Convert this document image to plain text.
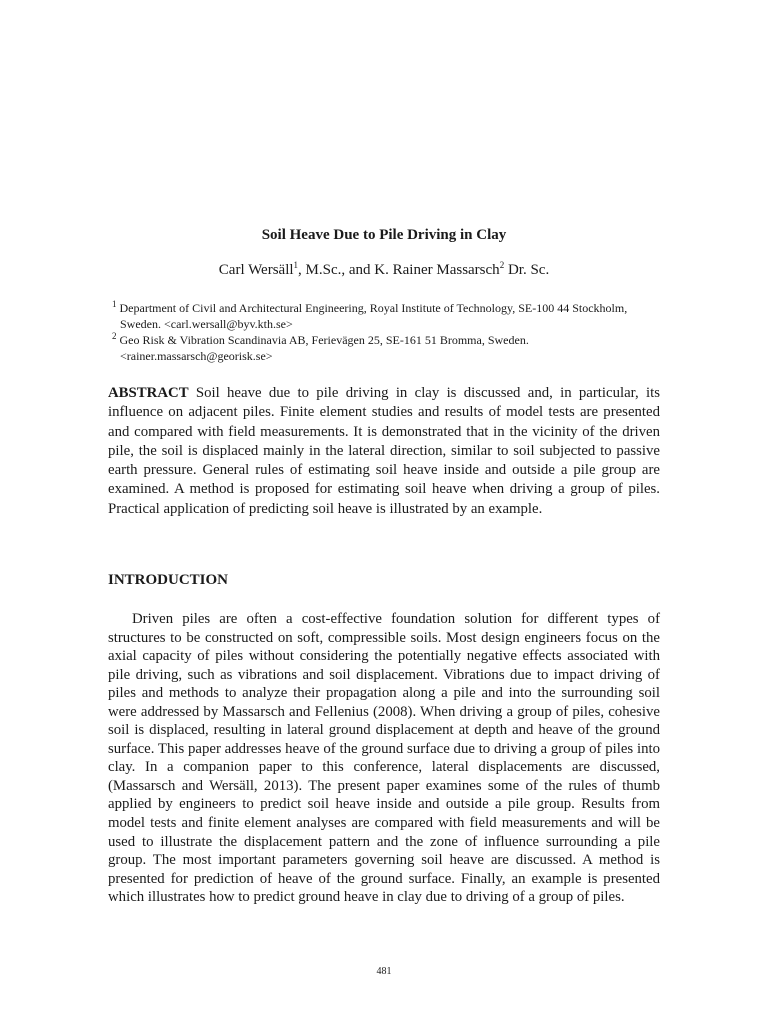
Soil Heave Due to Pile Driving in Clay
Carl Wersäll$^1$, M.Sc., and K. Rainer Massarsch$^2$ Dr. Sc.
$^1$ Department of Civil and Architectural Engineering, Royal Institute of Technology, SE-100 44 Stockholm, Sweden. <carl.wersall@byv.kth.se>
$^2$ Geo Risk & Vibration Scandinavia AB, Ferievägen 25, SE-161 51 Bromma, Sweden. <rainer.massarsch@georisk.se>
ABSTRACT Soil heave due to pile driving in clay is discussed and, in particular, its influence on adjacent piles. Finite element studies and results of model tests are presented and compared with field measurements. It is demonstrated that in the vicinity of the driven pile, the soil is displaced mainly in the lateral direction, similar to soil subjected to passive earth pressure. General rules of estimating soil heave inside and outside a pile group are examined. A method is proposed for estimating soil heave when driving a group of piles. Practical application of predicting soil heave is illustrated by an example.
INTRODUCTION
Driven piles are often a cost-effective foundation solution for different types of structures to be constructed on soft, compressible soils. Most design engineers focus on the axial capacity of piles without considering the potentially negative effects associated with pile driving, such as vibrations and soil displacement. Vibrations due to impact driving of piles and methods to analyze their propagation along a pile and into the surrounding soil were addressed by Massarsch and Fellenius (2008). When driving a group of piles, cohesive soil is displaced, resulting in lateral ground displacement at depth and heave of the ground surface. This paper addresses heave of the ground surface due to driving a group of piles into clay. In a companion paper to this conference, lateral displacements are discussed, (Massarsch and Wersäll, 2013). The present paper examines some of the rules of thumb applied by engineers to predict soil heave inside and outside a pile group. Results from model tests and finite element analyses are compared with field measurements and will be used to illustrate the displacement pattern and the zone of influence surrounding a pile group. The most important parameters governing soil heave are discussed. A method is presented for prediction of heave of the ground surface. Finally, an example is presented which illustrates how to predict ground heave in clay due to driving of a group of piles.
481
